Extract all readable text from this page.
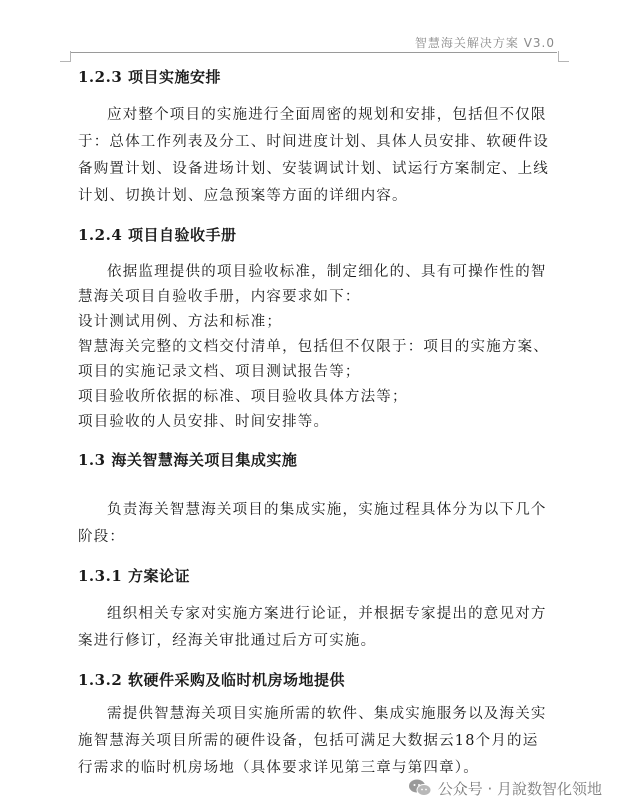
智慧海关解决方案 V3.0
1.2.3 项目实施安排

应对整个项目的实施进行全面周密的规划和安排，包括但不仅限于：总体工作列表及分工、时间进度计划、具体人员安排、软硬件设备购置计划、设备进场计划、安装调试计划、试运行方案制定、上线计划、切换计划、应急预案等方面的详细内容。

1.2.4 项目自验收手册

依据监理提供的项目验收标准，制定细化的、具有可操作性的智慧海关项目自验收手册，内容要求如下：

设计测试用例、方法和标准；

智慧海关完整的文档交付清单，包括但不仅限于：项目的实施方案、项目的实施记录文档、项目测试报告等；

项目验收所依据的标准、项目验收具体方法等；

项目验收的人员安排、时间安排等。

1.3 海关智慧海关项目集成实施

负责海关智慧海关项目的集成实施，实施过程具体分为以下几个阶段：

1.3.1 方案论证

组织相关专家对实施方案进行论证，并根据专家提出的意见对方案进行修订，经海关审批通过后方可实施。

1.3.2 软硬件采购及临时机房场地提供

需提供智慧海关项目实施所需的软件、集成实施服务以及海关实施智慧海关项目所需的硬件设备，包括可满足大数据云18个月的运行需求的临时机房场地（具体要求详见第三章与第四章）。

公众号 · 月說数智化领地
